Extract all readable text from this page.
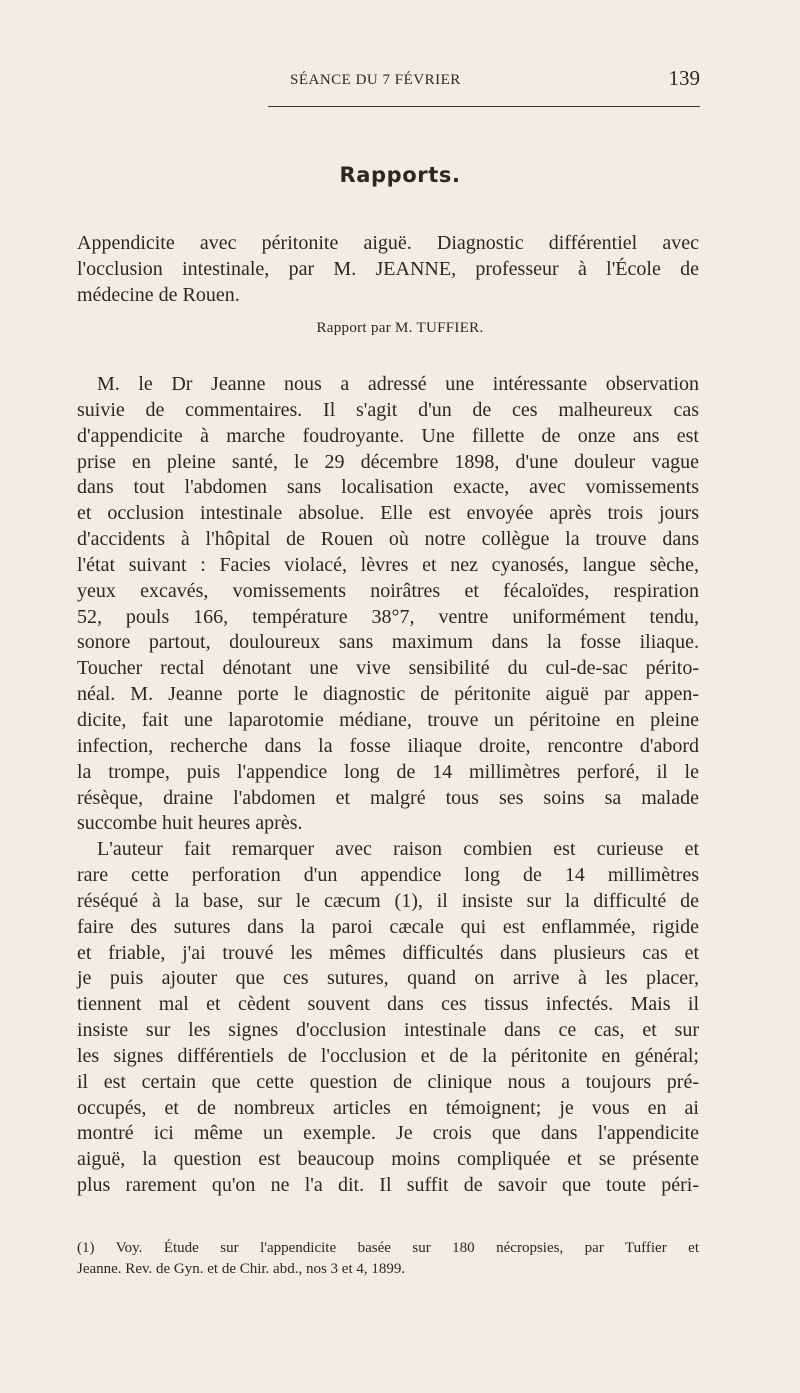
SÉANCE DU 7 FÉVRIER	139
Rapports.
Appendicite avec péritonite aiguë. Diagnostic différentiel avec
l'occlusion intestinale, par M. JEANNE, professeur à l'École de
médecine de Rouen.
Rapport par M. TUFFIER.
M. le Dr Jeanne nous a adressé une intéressante observation
suivie de commentaires. Il s'agit d'un de ces malheureux cas
d'appendicite à marche foudroyante. Une fillette de onze ans est
prise en pleine santé, le 29 décembre 1898, d'une douleur vague
dans tout l'abdomen sans localisation exacte, avec vomissements
et occlusion intestinale absolue. Elle est envoyée après trois jours
d'accidents à l'hôpital de Rouen où notre collègue la trouve dans
l'état suivant : Facies violacé, lèvres et nez cyanosés, langue sèche,
yeux excavés, vomissements noirâtres et fécaloïdes, respiration
52, pouls 166, température 38°7, ventre uniformément tendu,
sonore partout, douloureux sans maximum dans la fosse iliaque.
Toucher rectal dénotant une vive sensibilité du cul-de-sac périto-
néal. M. Jeanne porte le diagnostic de péritonite aiguë par appen-
dicite, fait une laparotomie médiane, trouve un péritoine en pleine
infection, recherche dans la fosse iliaque droite, rencontre d'abord
la trompe, puis l'appendice long de 14 millimètres perforé, il le
résèque, draine l'abdomen et malgré tous ses soins sa malade
succombe huit heures après.
L'auteur fait remarquer avec raison combien est curieuse et
rare cette perforation d'un appendice long de 14 millimètres
réséqué à la base, sur le cæcum (1), il insiste sur la difficulté de
faire des sutures dans la paroi cæcale qui est enflammée, rigide
et friable, j'ai trouvé les mêmes difficultés dans plusieurs cas et
je puis ajouter que ces sutures, quand on arrive à les placer,
tiennent mal et cèdent souvent dans ces tissus infectés. Mais il
insiste sur les signes d'occlusion intestinale dans ce cas, et sur
les signes différentiels de l'occlusion et de la péritonite en général;
il est certain que cette question de clinique nous a toujours pré-
occupés, et de nombreux articles en témoignent; je vous en ai
montré ici même un exemple. Je crois que dans l'appendicite
aiguë, la question est beaucoup moins compliquée et se présente
plus rarement qu'on ne l'a dit. Il suffit de savoir que toute péri-
(1) Voy. Étude sur l'appendicite basée sur 180 nécropsies, par Tuffier et
Jeanne. Rev. de Gyn. et de Chir. abd., nos 3 et 4, 1899.
